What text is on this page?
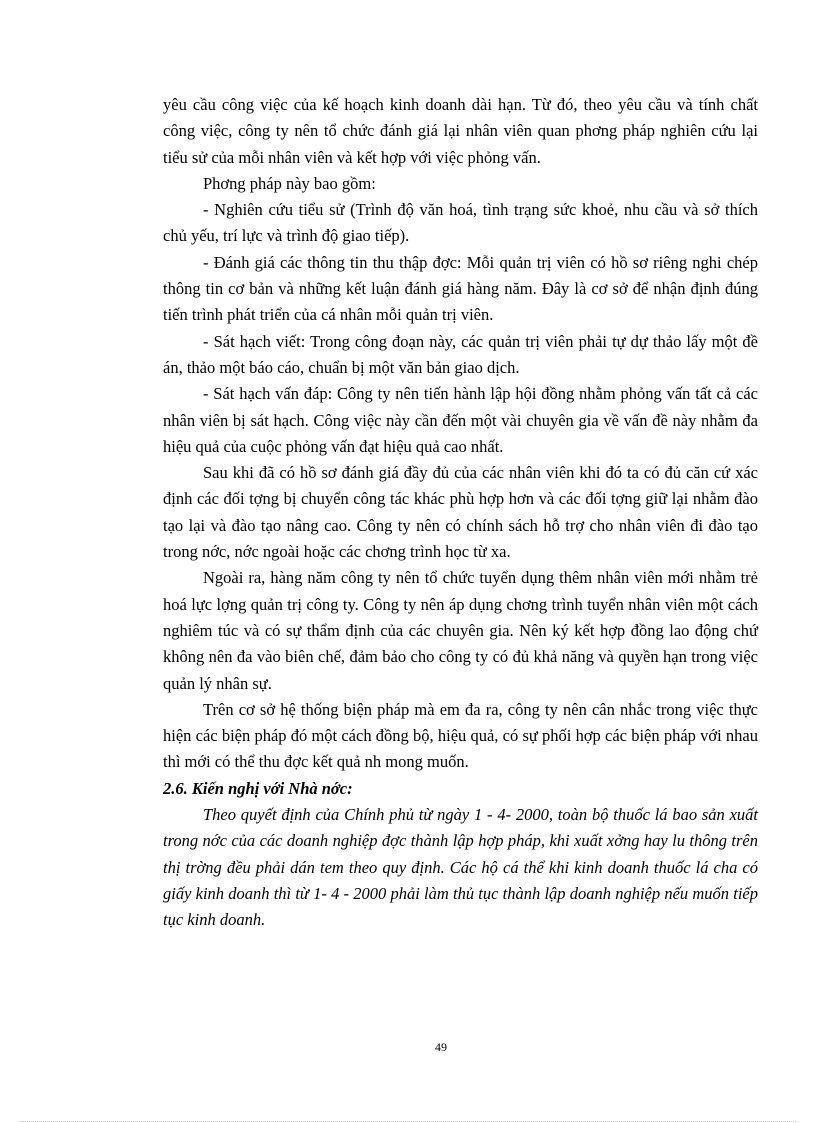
yêu cầu công việc của kế hoạch kinh doanh dài hạn. Từ đó, theo yêu cầu và tính chất công việc, công ty nên tổ chức đánh giá lại nhân viên quan phơng pháp nghiên cứu lại tiểu sử của mỗi nhân viên và kết hợp với việc phỏng vấn.

Phơng pháp này bao gồm:

- Nghiên cứu tiểu sử (Trình độ văn hoá, tình trạng sức khoẻ, nhu cầu và sở thích chủ yếu, trí lực và trình độ giao tiếp).

- Đánh giá các thông tin thu thập đợc: Mỗi quản trị viên có hồ sơ riêng nghi chép thông tin cơ bản và những kết luận đánh giá hàng năm. Đây là cơ sở để nhận định đúng tiến trình phát triển của cá nhân mỗi quản trị viên.

- Sát hạch viết: Trong công đoạn này, các quản trị viên phải tự dự thảo lấy một đề án, thảo một báo cáo, chuẩn bị một văn bản giao dịch.

- Sát hạch vấn đáp: Công ty nên tiến hành lập hội đồng nhằm phỏng vấn tất cả các nhân viên bị sát hạch. Công việc này cần đến một vài chuyên gia về vấn đề này nhằm đa hiệu quả của cuộc phỏng vấn đạt hiệu quả cao nhất.

Sau khi đã có hồ sơ đánh giá đầy đủ của các nhân viên khi đó ta có đủ căn cứ xác định các đối tợng bị chuyển công tác khác phù hợp hơn và các đối tợng giữ lại nhằm đào tạo lại và đào tạo nâng cao. Công ty nên có chính sách hỗ trợ cho nhân viên đi đào tạo trong nớc, nớc ngoài hoặc các chơng trình học từ xa.

Ngoài ra, hàng năm công ty nên tổ chức tuyển dụng thêm nhân viên mới nhằm trẻ hoá lực lợng quản trị công ty. Công ty nên áp dụng chơng trình tuyển nhân viên một cách nghiêm túc và có sự thẩm định của các chuyên gia. Nên ký kết hợp đồng lao động chứ không nên đa vào biên chế, đảm bảo cho công ty có đủ khả năng và quyền hạn trong việc quản lý nhân sự.

Trên cơ sở hệ thống biện pháp mà em đa ra, công ty nên cân nhắc trong việc thực hiện các biện pháp đó một cách đồng bộ, hiệu quả, có sự phối hợp các biện pháp với nhau thì mới có thể thu đợc kết quả nh mong muốn.

2.6. Kiến nghị với Nhà nớc:

Theo quyết định của Chính phủ từ ngày 1 - 4- 2000, toàn bộ thuốc lá bao sản xuất trong nớc của các doanh nghiệp đợc thành lập hợp pháp, khi xuất xởng hay lu thông trên thị trờng đều phải dán tem theo quy định. Các hộ cá thể khi kinh doanh thuốc lá cha có giấy kinh doanh thì từ 1- 4 - 2000 phải làm thủ tục thành lập doanh nghiệp nếu muốn tiếp tục kinh doanh.

49
